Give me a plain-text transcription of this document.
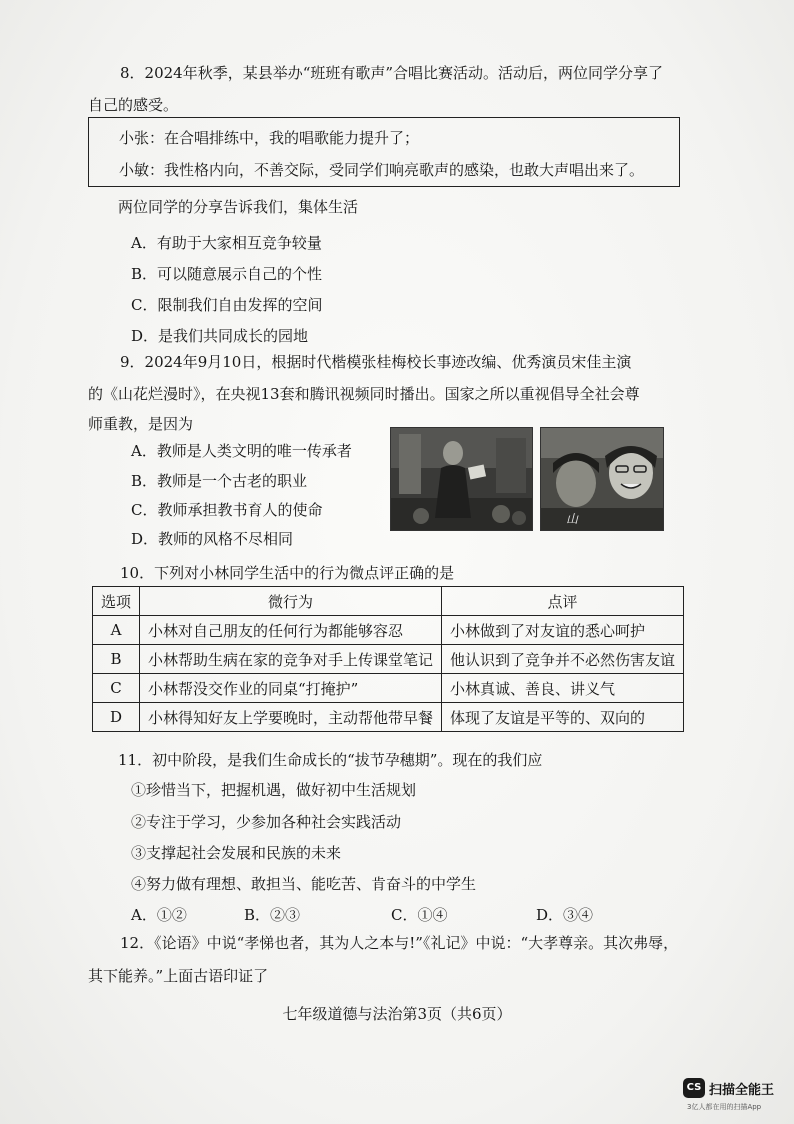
8．2024年秋季，某县举办“班班有歌声”合唱比赛活动。活动后，两位同学分享了
自己的感受。
小张：在合唱排练中，我的唱歌能力提升了；
小敏：我性格内向，不善交际，受同学们响亮歌声的感染，也敢大声唱出来了。
两位同学的分享告诉我们，集体生活
A．有助于大家相互竞争较量
B．可以随意展示自己的个性
C．限制我们自由发挥的空间
D．是我们共同成长的园地
9．2024年9月10日，根据时代楷模张桂梅校长事迹改编、优秀演员宋佳主演
的《山花烂漫时》，在央视13套和腾讯视频同时播出。国家之所以重视倡导全社会尊
师重教，是因为
A．教师是人类文明的唯一传承者
B．教师是一个古老的职业
C．教师承担教书育人的使命
D．教师的风格不尽相同
山
10．下列对小林同学生活中的行为微点评正确的是
选项	微行为	点评
A	小林对自己朋友的任何行为都能够容忍	小林做到了对友谊的悉心呵护
B	小林帮助生病在家的竞争对手上传课堂笔记	他认识到了竞争并不必然伤害友谊
C	小林帮没交作业的同桌“打掩护”	小林真诚、善良、讲义气
D	小林得知好友上学要晚时，主动帮他带早餐	体现了友谊是平等的、双向的
11．初中阶段，是我们生命成长的“拔节孕穗期”。现在的我们应
①珍惜当下，把握机遇，做好初中生活规划
②专注于学习，少参加各种社会实践活动
③支撑起社会发展和民族的未来
④努力做有理想、敢担当、能吃苦、肯奋斗的中学生
A．①②	B．②③	C．①④	D．③④
12．《论语》中说“孝悌也者，其为人之本与!”《礼记》中说：“大孝尊亲。其次弗辱，
其下能养。”上面古语印证了
七年级道德与法治第3页（共6页）
CS 扫描全能王
3亿人都在用的扫描App
